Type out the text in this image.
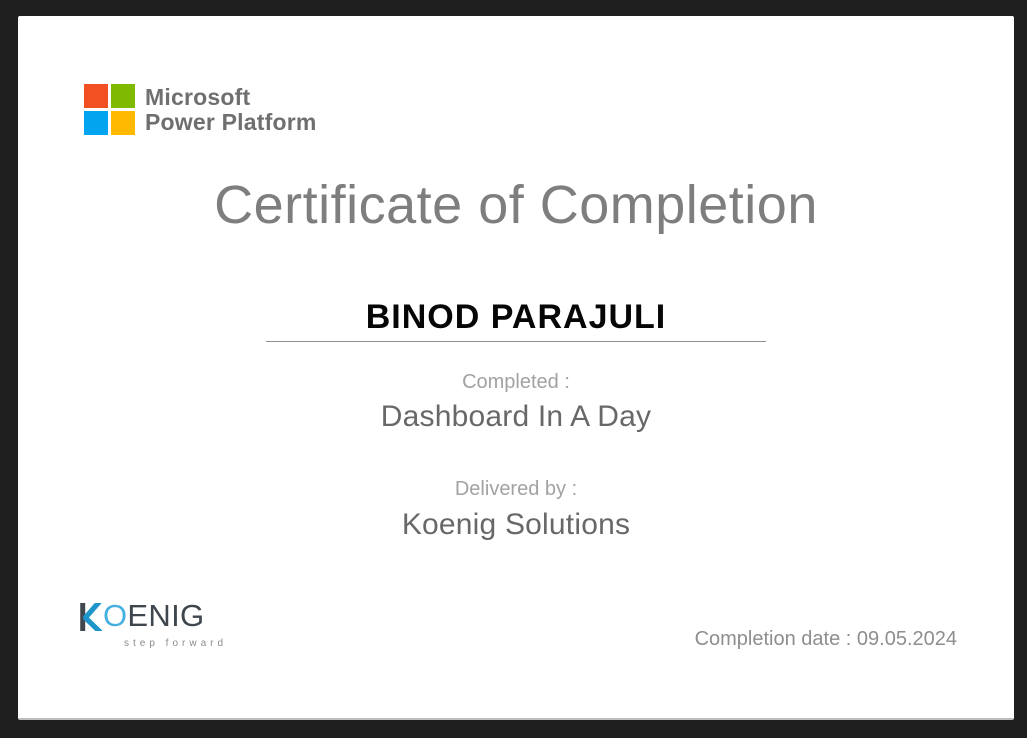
Microsoft
Power Platform
Certificate of Completion
BINOD PARAJULI
Completed :
Dashboard In A Day
Delivered by :
Koenig Solutions
O ENIG
step forward	Completion date : 09.05.2024
